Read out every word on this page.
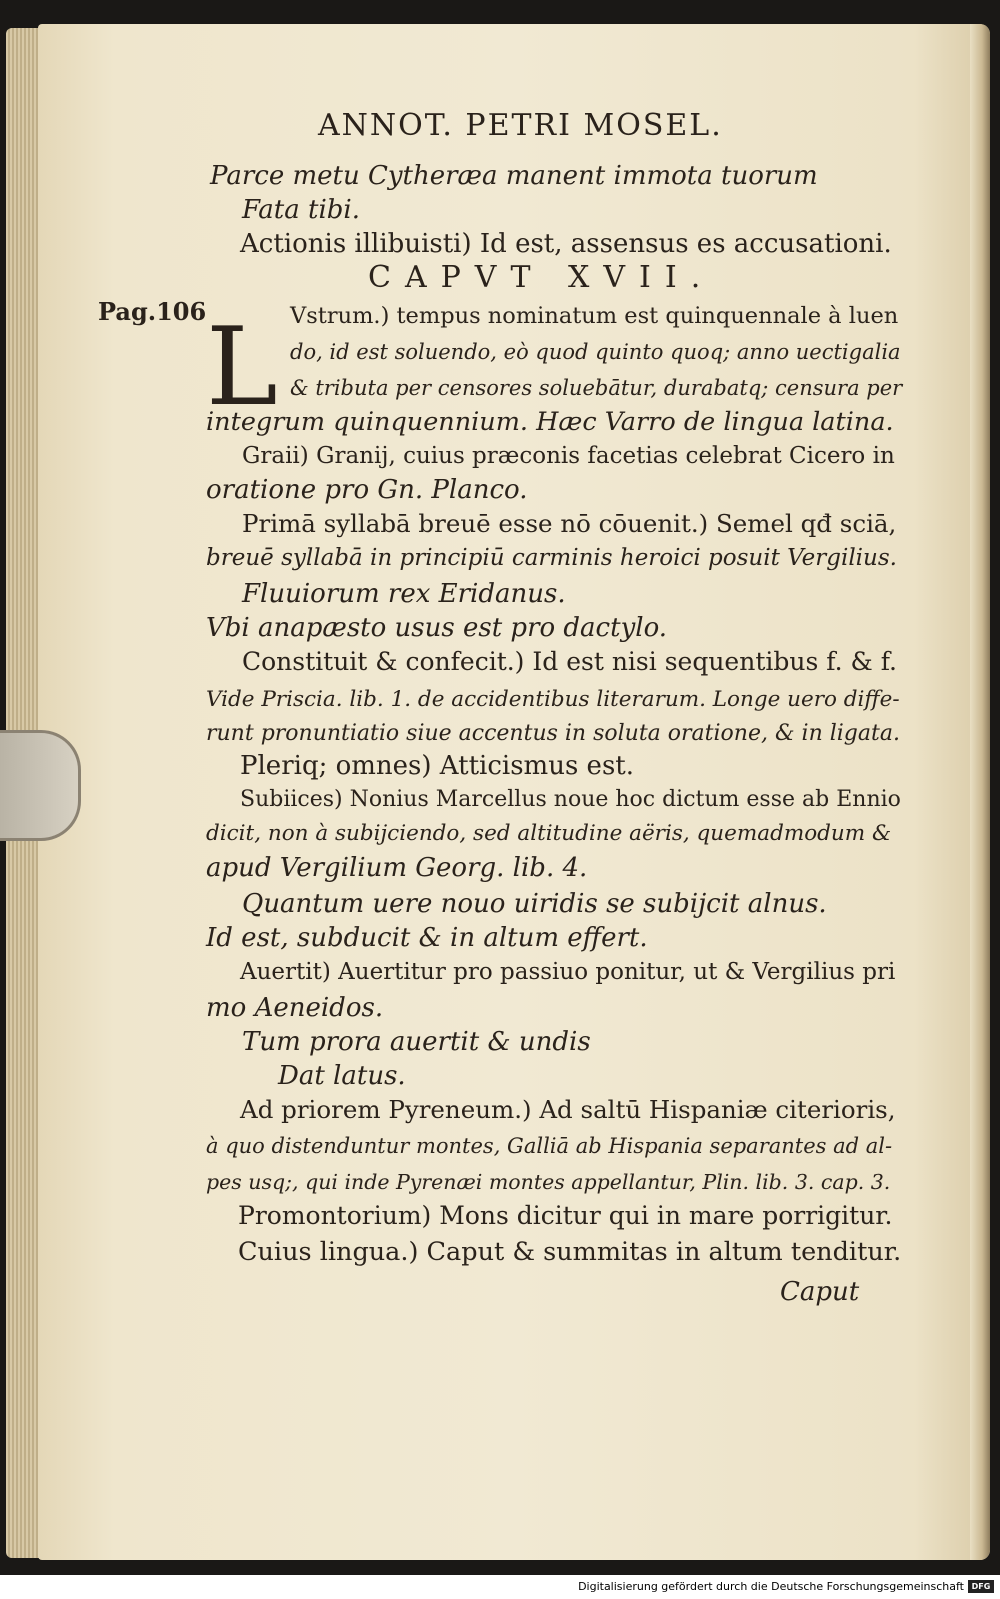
ANNOT. PETRI MOSEL.
Pag.106
CAPVT XVII.
L
Parce metu Cytheræa manent immota tuorum
Fata tibi.
Actionis illibuisti) Id est, assensus es accusationi.
Vstrum.) tempus nominatum est quinquennale à luen
do, id est soluendo, eò quod quinto quoq; anno uectigalia
& tributa per censores soluebātur, durabatq; censura per
integrum quinquennium. Hæc Varro de lingua latina.
Graii) Granij, cuius præconis facetias celebrat Cicero in
oratione pro Gn. Planco.
Primā syllabā breuē esse nō cōuenit.) Semel qđ sciā,
breuē syllabā in principiū carminis heroici posuit Vergilius.
Fluuiorum rex Eridanus.
Vbi anapæsto usus est pro dactylo.
Constituit & confecit.) Id est nisi sequentibus f. & f.
Vide Priscia. lib. 1. de accidentibus literarum. Longe uero diffe-
runt pronuntiatio siue accentus in soluta oratione, & in ligata.
Pleriq; omnes) Atticismus est.
Subiices) Nonius Marcellus noue hoc dictum esse ab Ennio
dicit, non à subijciendo, sed altitudine aëris, quemadmodum &
apud Vergilium Georg. lib. 4.
Quantum uere nouo uiridis se subijcit alnus.
Id est, subducit & in altum effert.
Auertit) Auertitur pro passiuo ponitur, ut & Vergilius pri
mo Aeneidos.
Tum prora auertit & undis
Dat latus.
Ad priorem Pyreneum.) Ad saltū Hispaniæ citerioris,
à quo distenduntur montes, Galliā ab Hispania separantes ad al-
pes usq;, qui inde Pyrenæi montes appellantur, Plin. lib. 3. cap. 3.
Promontorium) Mons dicitur qui in mare porrigitur.
Cuius lingua.) Caput & summitas in altum tenditur.
Caput
Digitalisierung gefördert durch die Deutsche Forschungsgemeinschaft DFG
